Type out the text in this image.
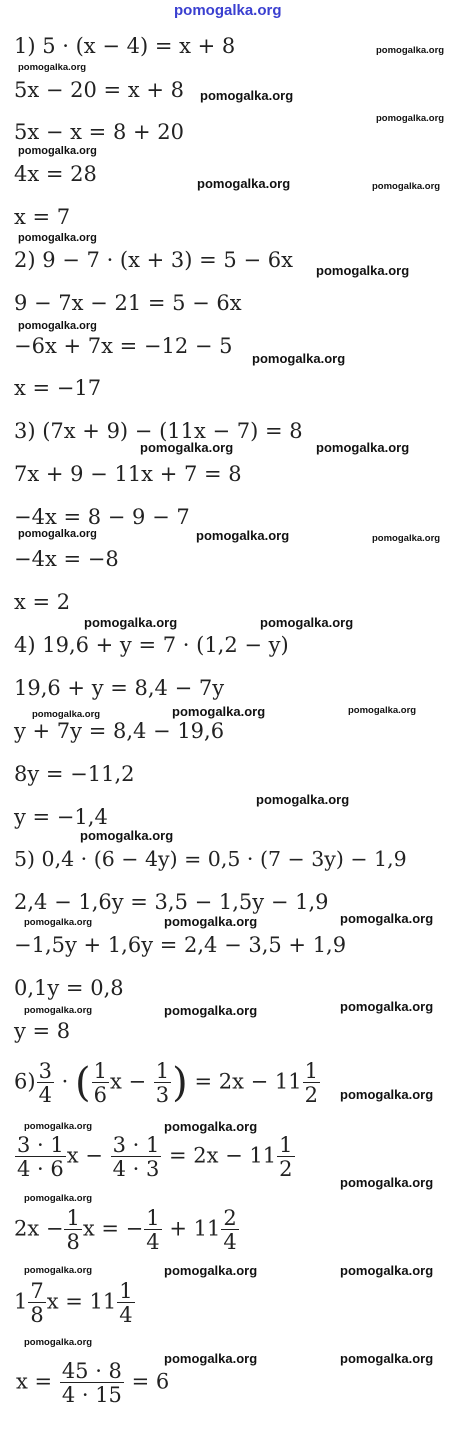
pomogalka.org
1) 5 · (x − 4) = x + 8
5x − 20 = x + 8
5x − x = 8 + 20
4x = 28
x = 7
2) 9 − 7 · (x + 3) = 5 − 6x
9 − 7x − 21 = 5 − 6x
−6x + 7x = −12 − 5
x = −17
3) (7x + 9) − (11x − 7) = 8
7x + 9 − 11x + 7 = 8
−4x = 8 − 9 − 7
−4x = −8
x = 2
4) 19,6 + y = 7 · (1,2 − y)
19,6 + y = 8,4 − 7y
y + 7y = 8,4 − 19,6
8y = −11,2
y = −1,4
5) 0,4 · (6 − 4y) = 0,5 · (7 − 3y) − 1,9
2,4 − 1,6y = 3,5 − 1,5y − 1,9
−1,5y + 1,6y = 2,4 − 3,5 + 1,9
0,1y = 0,8
y = 8
$6) \frac{3}{4}$ · ( $\frac{1}{6}$ $x - \frac{1}{3}$ ) = $2x - 11 \frac{1}{2}$
$\frac{3 \cdot 1}{4 \cdot 6}$ $x - \frac{3 \cdot 1}{4 \cdot 3} = 2x - 11 \frac{1}{2}$
$2x - \frac{1}{8}$ x = − $\frac{1}{4} + 11 \frac{2}{4}$
$1 \frac{7}{8}$ $x = 11 \frac{1}{4}$
$x = \frac{45 \cdot 8}{4 \cdot 15} = 6$
pomogalka.org
pomogalka.org
pomogalka.org
pomogalka.org
pomogalka.org
pomogalka.org	pomogalka.org
pomogalka.org
pomogalka.org
pomogalka.org
pomogalka.org
pomogalka.org	pomogalka.org
pomogalka.org	pomogalka.org	pomogalka.org
pomogalka.org	pomogalka.org
pomogalka.org	pomogalka.org	pomogalka.org
pomogalka.org
pomogalka.org
pomogalka.org	pomogalka.org	pomogalka.org
pomogalka.org	pomogalka.org	pomogalka.org
pomogalka.org
pomogalka.org	pomogalka.org
pomogalka.org
pomogalka.org
pomogalka.org	pomogalka.org	pomogalka.org
pomogalka.org
pomogalka.org	pomogalka.org
